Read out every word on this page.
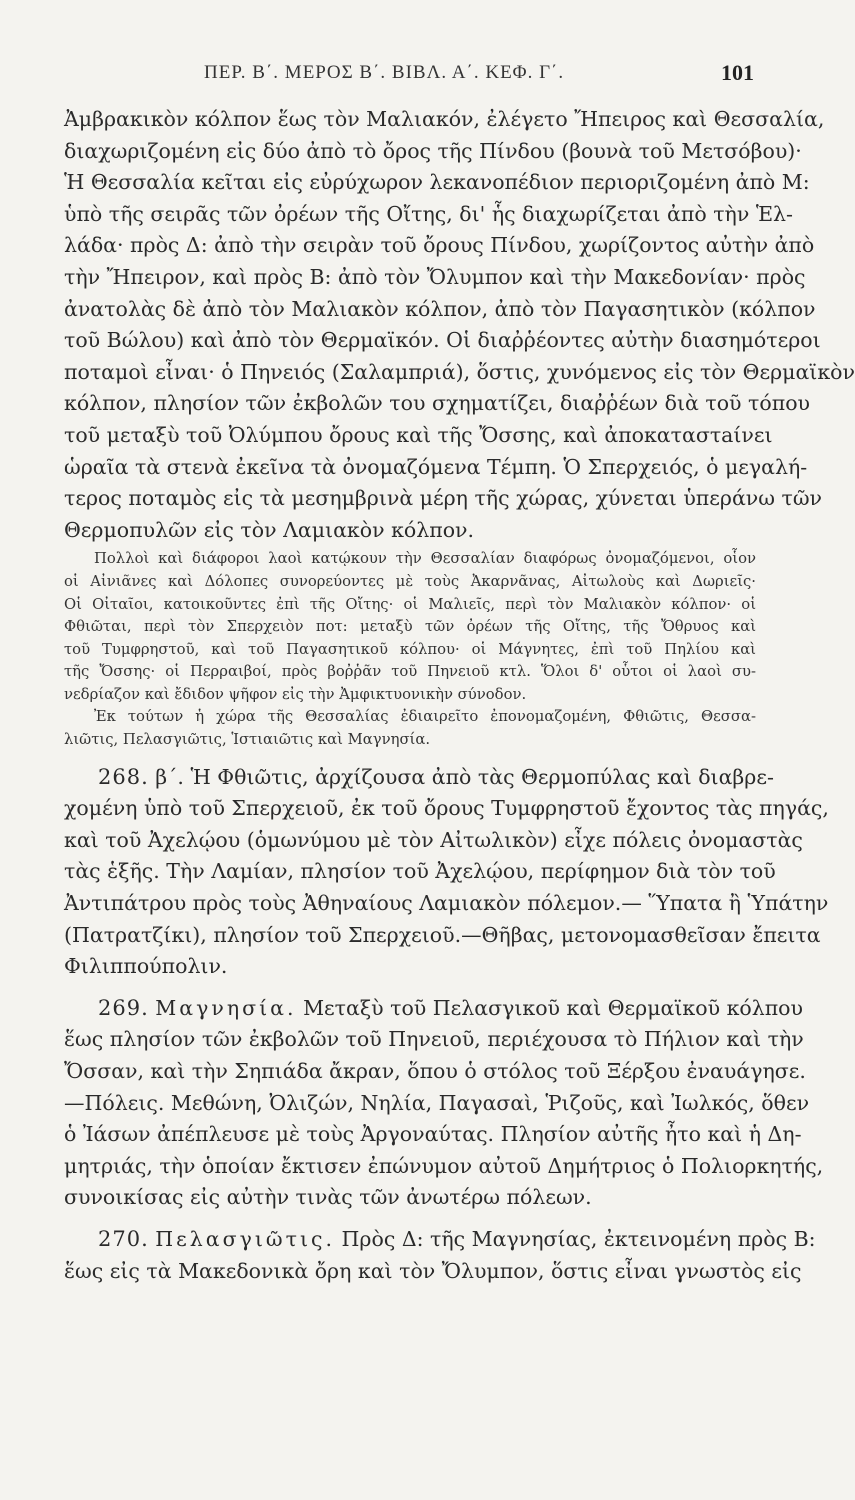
ΠΕΡ. Β΄. ΜΕΡΟΣ Β΄. ΒΙΒΛ. Α΄. ΚΕΦ. Γ΄.	101
Ἀμβρακικὸν κόλπον ἕως τὸν Μαλιακόν, ἐλέγετο Ἤπειρος καὶ Θεσσαλία,
διαχωριζομένη εἰς δύο ἀπὸ τὸ ὄρος τῆς Πίνδου (βουνὰ τοῦ Μετσόβου)·
Ἡ Θεσσαλία κεῖται εἰς εὐρύχωρον λεκανοπέδιον περιοριζομένη ἀπὸ Μ:
ὑπὸ τῆς σειρᾶς τῶν ὀρέων τῆς Οἴτης, δι' ἧς διαχωρίζεται ἀπὸ τὴν Ἑλ-
λάδα· πρὸς Δ: ἀπὸ τὴν σειρὰν τοῦ ὄρους Πίνδου, χωρίζοντος αὐτὴν ἀπὸ
τὴν Ἤπειρον, καὶ πρὸς Β: ἀπὸ τὸν Ὄλυμπον καὶ τὴν Μακεδονίαν· πρὸς
ἀνατολὰς δὲ ἀπὸ τὸν Μαλιακὸν κόλπον, ἀπὸ τὸν Παγασητικὸν (κόλπον
τοῦ Βώλου) καὶ ἀπὸ τὸν Θερμαϊκόν. Οἱ διαῤῥέοντες αὐτὴν διασημότεροι
ποταμοὶ εἶναι· ὁ Πηνειός (Σαλαμπριά), ὅστις, χυνόμενος εἰς τὸν Θερμαϊκὸν
κόλπον, πλησίον τῶν ἐκβολῶν του σχηματίζει, διαῤῥέων διὰ τοῦ τόπου
τοῦ μεταξὺ τοῦ Ὀλύμπου ὄρους καὶ τῆς Ὄσσης, καὶ ἀποκαταστaίνει
ὡραῖα τὰ στενὰ ἐκεῖνα τὰ ὀνομαζόμενα Τέμπη. Ὁ Σπερχειός, ὁ μεγαλή-
τερος ποταμὸς εἰς τὰ μεσημβρινὰ μέρη τῆς χώρας, χύνεται ὑπεράνω τῶν
Θερμοπυλῶν εἰς τὸν Λαμιακὸν κόλπον.
Πολλοὶ καὶ διάφοροι λαοὶ κατῴκουν τὴν Θεσσαλίαν διαφόρως ὀνομαζόμενοι, οἷον
οἱ Αἰνιᾶνες καὶ Δόλοπες συνορεύοντες μὲ τοὺς Ἀκαρνᾶνας, Αἰτωλοὺς καὶ Δωριεῖς·
Οἱ Οἰταῖοι, κατοικοῦντες ἐπὶ τῆς Οἴτης· οἱ Μαλιεῖς, περὶ τὸν Μαλιακὸν κόλπον· οἱ
Φθιῶται, περὶ τὸν Σπερχειὸν ποτ: μεταξὺ τῶν ὀρέων τῆς Οἴτης, τῆς Ὄθρυος καὶ
τοῦ Τυμφρηστοῦ, καὶ τοῦ Παγασητικοῦ κόλπου· οἱ Μάγνητες, ἐπὶ τοῦ Πηλίου καὶ
τῆς Ὄσσης· οἱ Περραιβοί, πρὸς βοῤῥᾶν τοῦ Πηνειοῦ κτλ. Ὅλοι δ' οὗτοι οἱ λαοὶ συ-
νεδρίαζον καὶ ἔδιδον ψῆφον εἰς τὴν Ἀμφικτυονικὴν σύνοδον.
Ἐκ τούτων ἡ χώρα τῆς Θεσσαλίας ἐδιαιρεῖτο ἐπονομαζομένη, Φθιῶτις, Θεσσα-
λιῶτις, Πελασγιῶτις, Ἱστιαιῶτις καὶ Μαγνησία.
268. β΄. Ἡ Φθιῶτις, ἀρχίζουσα ἀπὸ τὰς Θερμοπύλας καὶ διαβρε-
χομένη ὑπὸ τοῦ Σπερχειοῦ, ἐκ τοῦ ὄρους Τυμφρηστοῦ ἔχοντος τὰς πηγάς,
καὶ τοῦ Ἀχελῴου (ὁμωνύμου μὲ τὸν Αἰτωλικὸν) εἶχε πόλεις ὀνομαστὰς
τὰς ἑξῆς. Τὴν Λαμίαν, πλησίον τοῦ Ἀχελῴου, περίφημον διὰ τὸν τοῦ
Ἀντιπάτρου πρὸς τοὺς Ἀθηναίους Λαμιακὸν πόλεμον.— Ὕπατα ἢ Ὑπάτην
(Πατρατζίκι), πλησίον τοῦ Σπερχειοῦ.—Θῆβας, μετονομασθεῖσαν ἔπειτα
Φιλιππούπολιν.
269. Μαγνησία. Μεταξὺ τοῦ Πελασγικοῦ καὶ Θερμαϊκοῦ κόλπου
ἕως πλησίον τῶν ἐκβολῶν τοῦ Πηνειοῦ, περιέχουσα τὸ Πήλιον καὶ τὴν
Ὄσσαν, καὶ τὴν Σηπιάδα ἄκραν, ὅπου ὁ στόλος τοῦ Ξέρξου ἐναυάγησε.
—Πόλεις. Μεθώνη, Ὀλιζών, Νηλία, Παγασαὶ, Ῥιζοῦς, καὶ Ἰωλκός, ὅθεν
ὁ Ἰάσων ἀπέπλευσε μὲ τοὺς Ἀργοναύτας. Πλησίον αὐτῆς ἦτο καὶ ἡ Δη-
μητριάς, τὴν ὁποίαν ἔκτισεν ἐπώνυμον αὐτοῦ Δημήτριος ὁ Πολιορκητής,
συνοικίσας εἰς αὐτὴν τινὰς τῶν ἀνωτέρω πόλεων.
270. Πελασγιῶτις. Πρὸς Δ: τῆς Μαγνησίας, ἐκτεινομένη πρὸς Β:
ἕως εἰς τὰ Μακεδονικὰ ὄρη καὶ τὸν Ὄλυμπον, ὅστις εἶναι γνωστὸς εἰς
